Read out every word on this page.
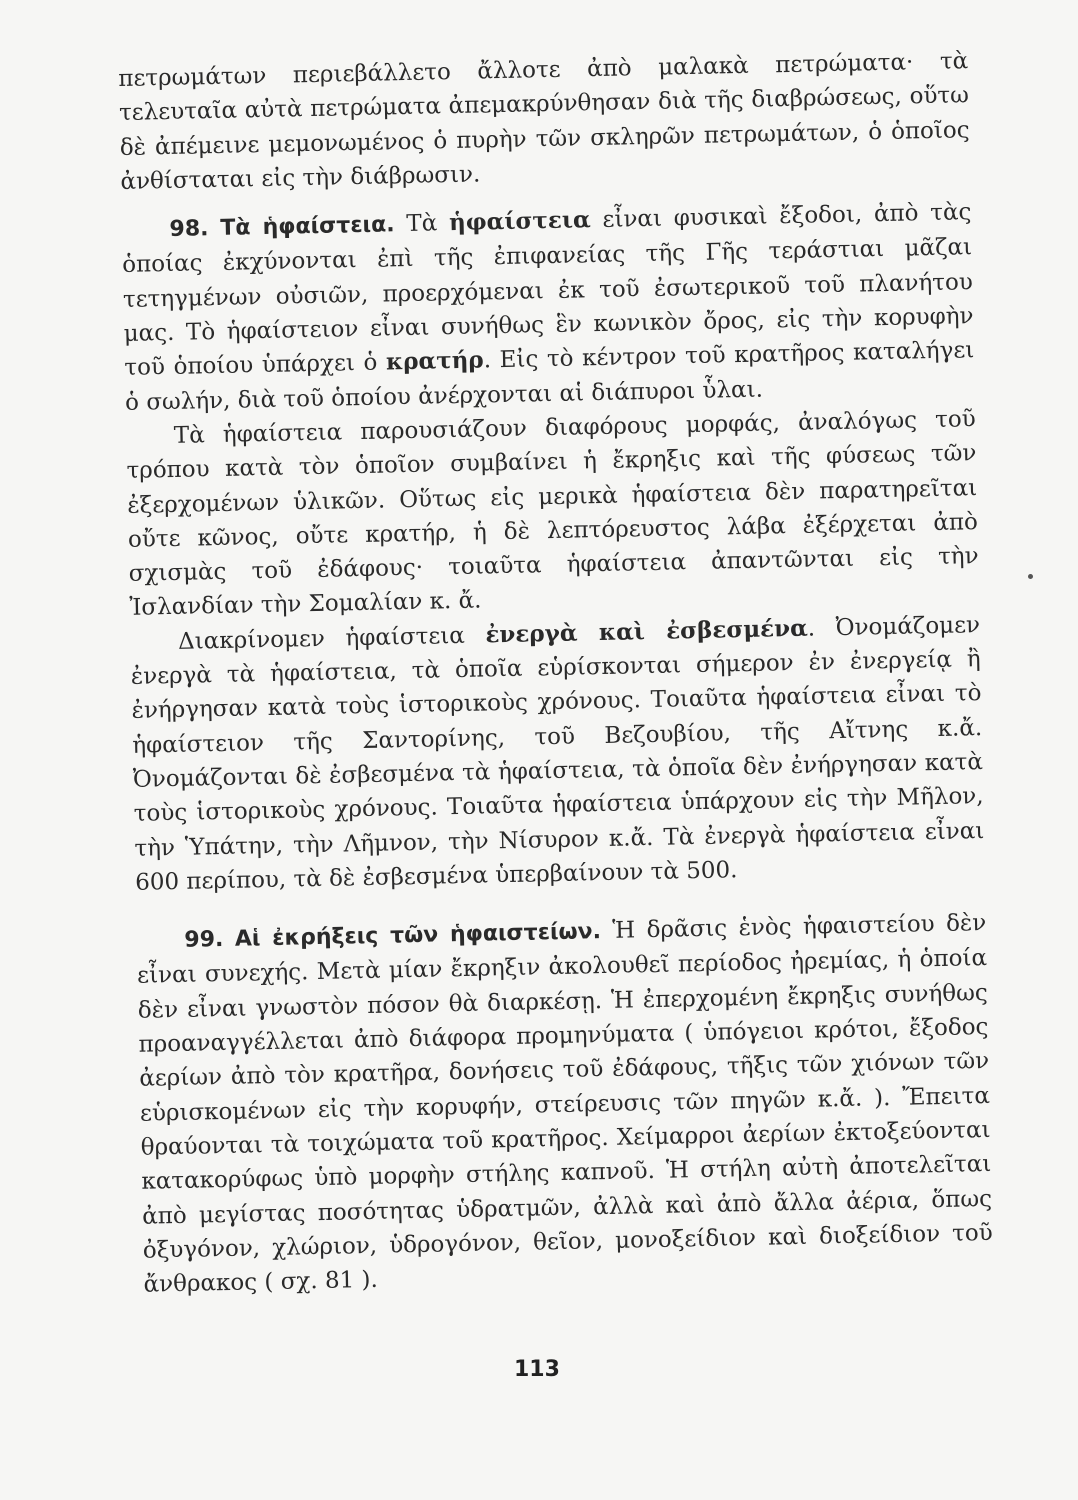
πετρωμάτων περιεβάλλετο ἄλλοτε ἀπὸ μαλακὰ πετρώματα· τὰ τελευταῖα αὐτὰ πετρώματα ἀπεμακρύνθησαν διὰ τῆς διαβρώσεως, οὕτω δὲ ἀπέμεινε μεμονωμένος ὁ πυρὴν τῶν σκληρῶν πετρωμάτων, ὁ ὁποῖος ἀνθίσταται εἰς τὴν διάβρωσιν.

98. Τὰ ἡφαίστεια. Τὰ ἡφαίστεια εἶναι φυσικαὶ ἔξοδοι, ἀπὸ τὰς ὁποίας ἐκχύνονται ἐπὶ τῆς ἐπιφανείας τῆς Γῆς τεράστιαι μᾶζαι τετηγμένων οὐσιῶν, προερχόμεναι ἐκ τοῦ ἐσωτερικοῦ τοῦ πλανήτου μας. Τὸ ἡφαίστειον εἶναι συνήθως ἓν κωνικὸν ὄρος, εἰς τὴν κορυφὴν τοῦ ὁποίου ὑπάρχει ὁ κρατήρ. Εἰς τὸ κέντρον τοῦ κρατῆρος καταλήγει ὁ σωλήν, διὰ τοῦ ὁποίου ἀνέρχονται αἱ διάπυροι ὗλαι.

Τὰ ἡφαίστεια παρουσιάζουν διαφόρους μορφάς, ἀναλόγως τοῦ τρόπου κατὰ τὸν ὁποῖον συμβαίνει ἡ ἔκρηξις καὶ τῆς φύσεως τῶν ἐξερχομένων ὑλικῶν. Οὕτως εἰς μερικὰ ἡφαίστεια δὲν παρατηρεῖται οὔτε κῶνος, οὔτε κρατήρ, ἡ δὲ λεπτόρευστος λάβα ἐξέρχεται ἀπὸ σχισμὰς τοῦ ἐδάφους· τοιαῦτα ἡφαίστεια ἀπαντῶνται εἰς τὴν Ἰσλανδίαν τὴν Σομαλίαν κ. ἄ.

Διακρίνομεν ἡφαίστεια ἐνεργὰ καὶ ἐσβεσμένα. Ὀνομάζομεν ἐνεργὰ τὰ ἡφαίστεια, τὰ ὁποῖα εὑρίσκονται σήμερον ἐν ἐνεργείᾳ ἢ ἐνήργησαν κατὰ τοὺς ἱστορικοὺς χρόνους. Τοιαῦτα ἡφαίστεια εἶναι τὸ ἡφαίστειον τῆς Σαντορίνης, τοῦ Βεζουβίου, τῆς Αἴτνης κ.ἄ. Ὀνομάζονται δὲ ἐσβεσμένα τὰ ἡφαίστεια, τὰ ὁποῖα δὲν ἐνήργησαν κατὰ τοὺς ἱστορικοὺς χρόνους. Τοιαῦτα ἡφαίστεια ὑπάρχουν εἰς τὴν Μῆλον, τὴν Ὑπάτην, τὴν Λῆμνον, τὴν Νίσυρον κ.ἄ. Τὰ ἐνεργὰ ἡφαίστεια εἶναι 600 περίπου, τὰ δὲ ἐσβεσμένα ὑπερβαίνουν τὰ 500.

99. Αἱ ἐκρήξεις τῶν ἡφαιστείων. Ἡ δρᾶσις ἑνὸς ἡφαιστείου δὲν εἶναι συνεχής. Μετὰ μίαν ἔκρηξιν ἀκολουθεῖ περίοδος ἠρεμίας, ἡ ὁποία δὲν εἶναι γνωστὸν πόσον θὰ διαρκέσῃ. Ἡ ἐπερχομένη ἔκρηξις συνήθως προαναγγέλλεται ἀπὸ διάφορα προμηνύματα ( ὑπόγειοι κρότοι, ἔξοδος ἀερίων ἀπὸ τὸν κρατῆρα, δονήσεις τοῦ ἐδάφους, τῆξις τῶν χιόνων τῶν εὑρισκομένων εἰς τὴν κορυφήν, στείρευσις τῶν πηγῶν κ.ἄ. ). Ἔπειτα θραύονται τὰ τοιχώματα τοῦ κρατῆρος. Χείμαρροι ἀερίων ἐκτοξεύονται κατακορύφως ὑπὸ μορφὴν στήλης καπνοῦ. Ἡ στήλη αὐτὴ ἀποτελεῖται ἀπὸ μεγίστας ποσότητας ὑδρατμῶν, ἀλλὰ καὶ ἀπὸ ἄλλα ἀέρια, ὅπως ὀξυγόνον, χλώριον, ὑδρογόνον, θεῖον, μονοξείδιον καὶ διοξείδιον τοῦ ἄνθρακος ( σχ. 81 ).

113
